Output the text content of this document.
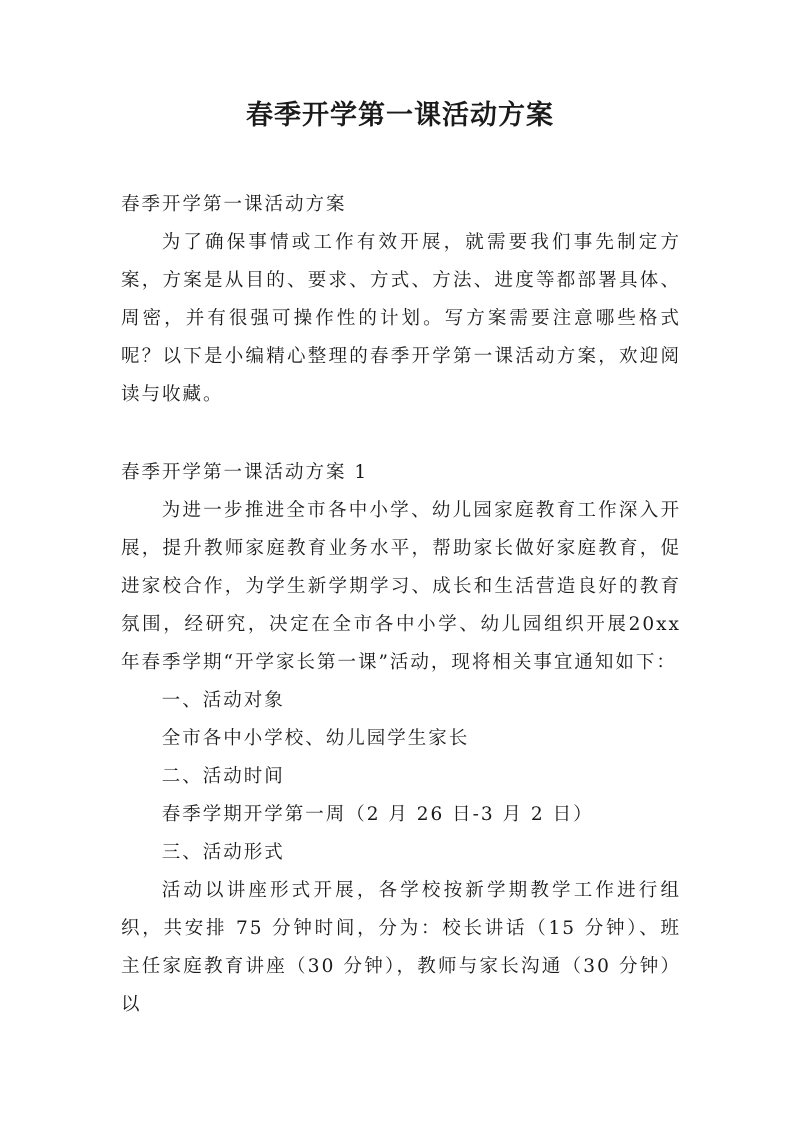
春季开学第一课活动方案

春季开学第一课活动方案

为了确保事情或工作有效开展，就需要我们事先制定方案，方案是从目的、要求、方式、方法、进度等都部署具体、周密，并有很强可操作性的计划。写方案需要注意哪些格式呢？以下是小编精心整理的春季开学第一课活动方案，欢迎阅读与收藏。

春季开学第一课活动方案 1

为进一步推进全市各中小学、幼儿园家庭教育工作深入开展，提升教师家庭教育业务水平，帮助家长做好家庭教育，促进家校合作，为学生新学期学习、成长和生活营造良好的教育氛围，经研究，决定在全市各中小学、幼儿园组织开展20xx 年春季学期“开学家长第一课”活动，现将相关事宜通知如下：

一、活动对象

全市各中小学校、幼儿园学生家长

二、活动时间

春季学期开学第一周（2 月 26 日-3 月 2 日）

三、活动形式

活动以讲座形式开展，各学校按新学期教学工作进行组织，共安排 75 分钟时间，分为：校长讲话（15 分钟）、班主任家庭教育讲座（30 分钟），教师与家长沟通（30 分钟）以
